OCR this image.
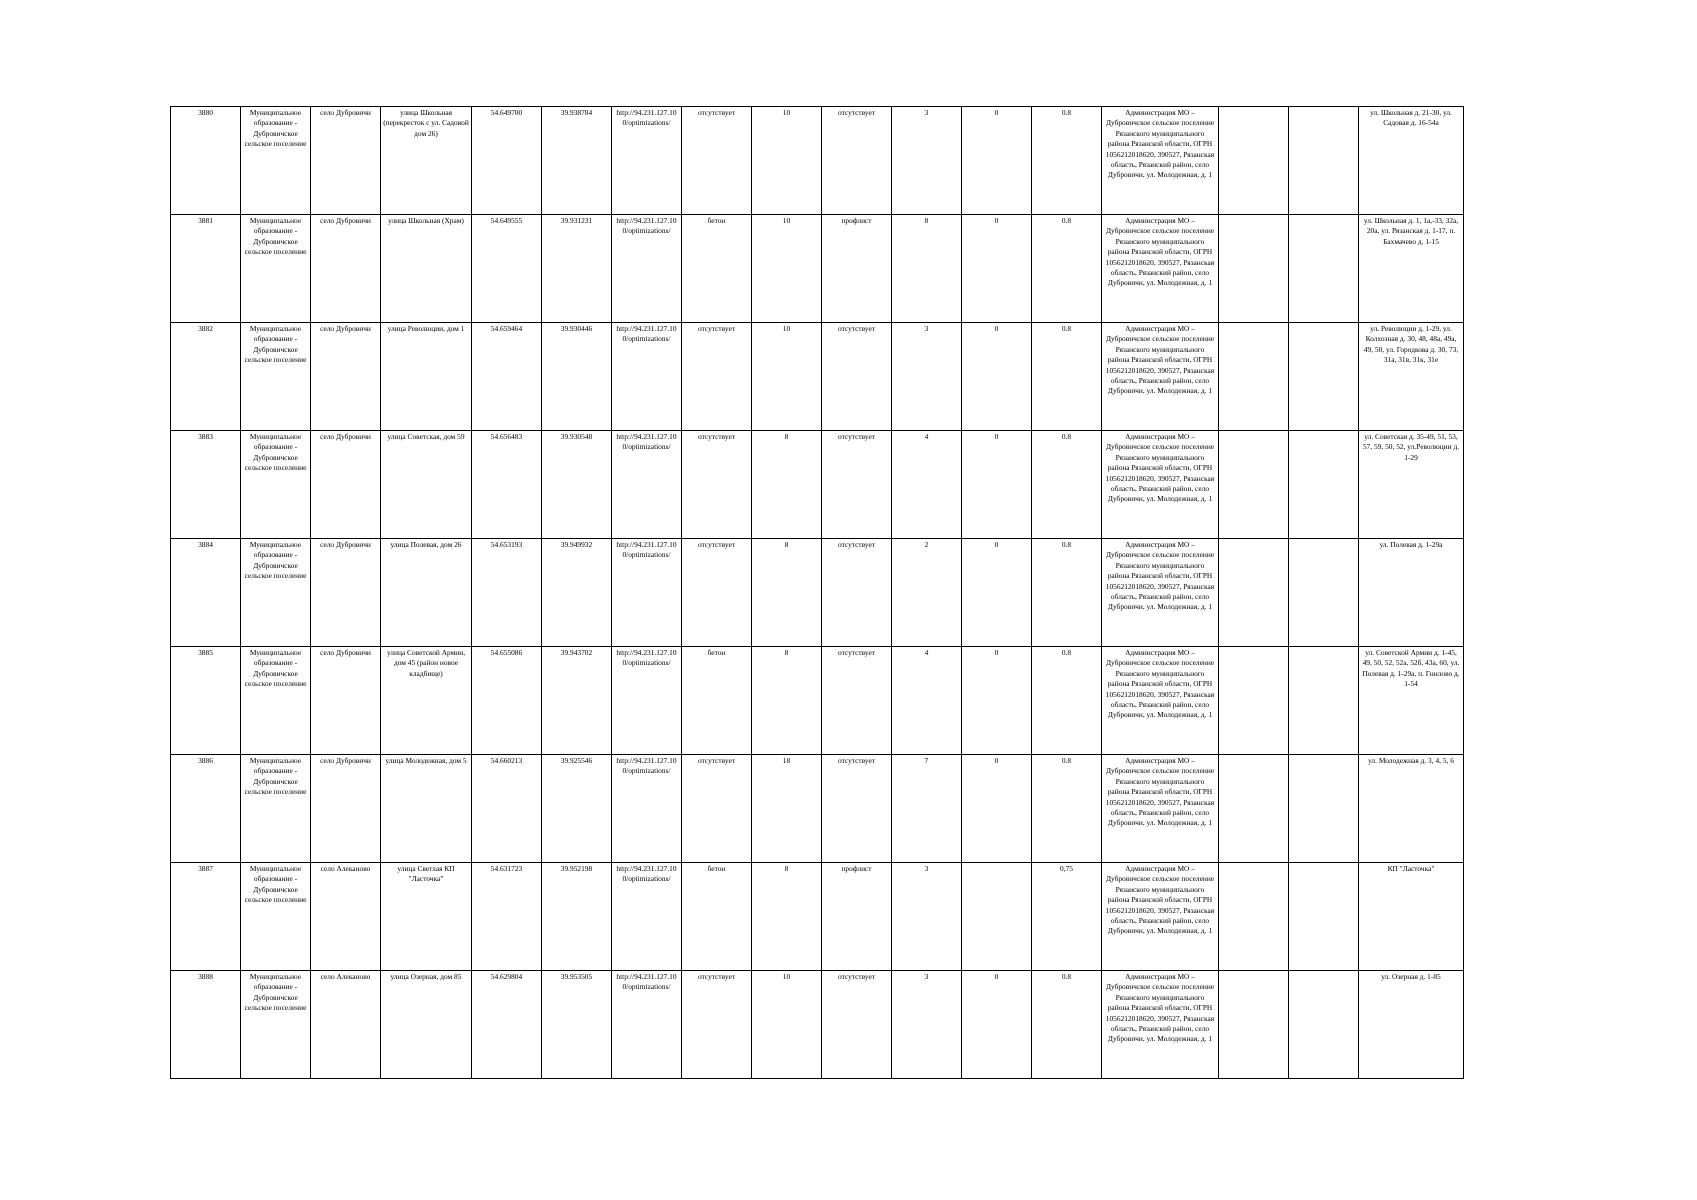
3880	Муниципальное образование - Дубровичское сельское поселение	село Дубровичи	улица Школьная (перекресток с ул. Садовой дом 26)	54.649700	39.938784	http://94.231.127.10 0/optimizations/	отсутствует	10	отсутствует	3	0	0.8	Администрация МО – Дубровичское сельское поселение Рязанского муниципального района Рязанской области, ОГРН 1056212018620, 390527, Рязанская область, Рязанский район, село Дубровичи, ул. Молодежная, д. 1			ул. Школьная д. 21-30, ул. Садовая д. 16-54а
3881	Муниципальное образование - Дубровичское сельское поселение	село Дубровичи	улица Школьная (Храм)	54.649555	39.931231	http://94.231.127.10 0/optimizations/	бетон	10	профлист	8	0	0.8	Администрация МО – Дубровичское сельское поселение Рязанского муниципального района Рязанской области, ОГРН 1056212018620, 390527, Рязанская область, Рязанский район, село Дубровичи, ул. Молодежная, д. 1			ул. Школьная д. 1, 1а,-33, 32а, 20а, ул. Рязанская д. 1-17, п. Бахмачево д. 1-15
3882	Муниципальное образование - Дубровичское сельское поселение	село Дубровичи	улица Революции, дом 1	54.659464	39.930446	http://94.231.127.10 0/optimizations/	отсутствует	10	отсутствует	3	0	0.8	Администрация МО – Дубровичское сельское поселение Рязанского муниципального района Рязанской области, ОГРН 1056212018620, 390527, Рязанская область, Рязанский район, село Дубровичи, ул. Молодежная, д. 1			ул. Революции д. 1-29, ул. Колхозная д. 30, 48, 48а, 49а, 49, 50, ул. Городкова д. 30, 73, 31а, 31в, 31к, 31е
3883	Муниципальное образование - Дубровичское сельское поселение	село Дубровичи	улица Советская, дом 59	54.656483	39.930548	http://94.231.127.10 0/optimizations/	отсутствует	8	отсутствует	4	0	0.8	Администрация МО – Дубровичское сельское поселение Рязанского муниципального района Рязанской области, ОГРН 1056212018620, 390527, Рязанская область, Рязанский район, село Дубровичи, ул. Молодежная, д. 1			ул. Советская д. 35-49, 51, 53, 57, 59, 50, 52, ул.Революции д. 1-29
3884	Муниципальное образование - Дубровичское сельское поселение	село Дубровичи	улица Полевая, дом 26	54.653193	39.949932	http://94.231.127.10 0/optimizations/	отсутствует	8	отсутствует	2	0	0.8	Администрация МО – Дубровичское сельское поселение Рязанского муниципального района Рязанской области, ОГРН 1056212018620, 390527, Рязанская область, Рязанский район, село Дубровичи, ул. Молодежная, д. 1			ул. Полевая д. 1-29а
3885	Муниципальное образование - Дубровичское сельское поселение	село Дубровичи	улица Советской Армии, дом 45 (район новое кладбище)	54.655086	39.943702	http://94.231.127.10 0/optimizations/	бетон	8	отсутствует	4	0	0.8	Администрация МО – Дубровичское сельское поселение Рязанского муниципального района Рязанской области, ОГРН 1056212018620, 390527, Рязанская область, Рязанский район, село Дубровичи, ул. Молодежная, д. 1			ул. Советской Армии д. 1-45, 49, 50, 52, 52а, 52б, 43а, 60, ул. Полевая д. 1-29а, п. Гнилово д. 1-54
3886	Муниципальное образование - Дубровичское сельское поселение	село Дубровичи	улица Молодежная, дом 5	54.660213	39.925546	http://94.231.127.10 0/optimizations/	отсутствует	18	отсутствует	7	0	0.8	Администрация МО – Дубровичское сельское поселение Рязанского муниципального района Рязанской области, ОГРН 1056212018620, 390527, Рязанская область, Рязанский район, село Дубровичи, ул. Молодежная, д. 1			ул. Молодежная д. 3, 4, 5, 6
3887	Муниципальное образование - Дубровичское сельское поселение	село Алеканово	улица Светлая КП "Ласточка"	54.631723	39.952198	http://94.231.127.10 0/optimizations/	бетон	8	профлист	3		0,75	Администрация МО – Дубровичское сельское поселение Рязанского муниципального района Рязанской области, ОГРН 1056212018620, 390527, Рязанская область, Рязанский район, село Дубровичи, ул. Молодежная, д. 1			КП "Ласточка"
3888	Муниципальное образование - Дубровичское сельское поселение	село Алеканово	улица Озерная, дом 85	54.629804	39.953505	http://94.231.127.10 0/optimizations/	отсутствует	10	отсутствует	3	0	0.8	Администрация МО – Дубровичское сельское поселение Рязанского муниципального района Рязанской области, ОГРН 1056212018620, 390527, Рязанская область, Рязанский район, село Дубровичи, ул. Молодежная, д. 1			ул. Озерная д. 1-85
